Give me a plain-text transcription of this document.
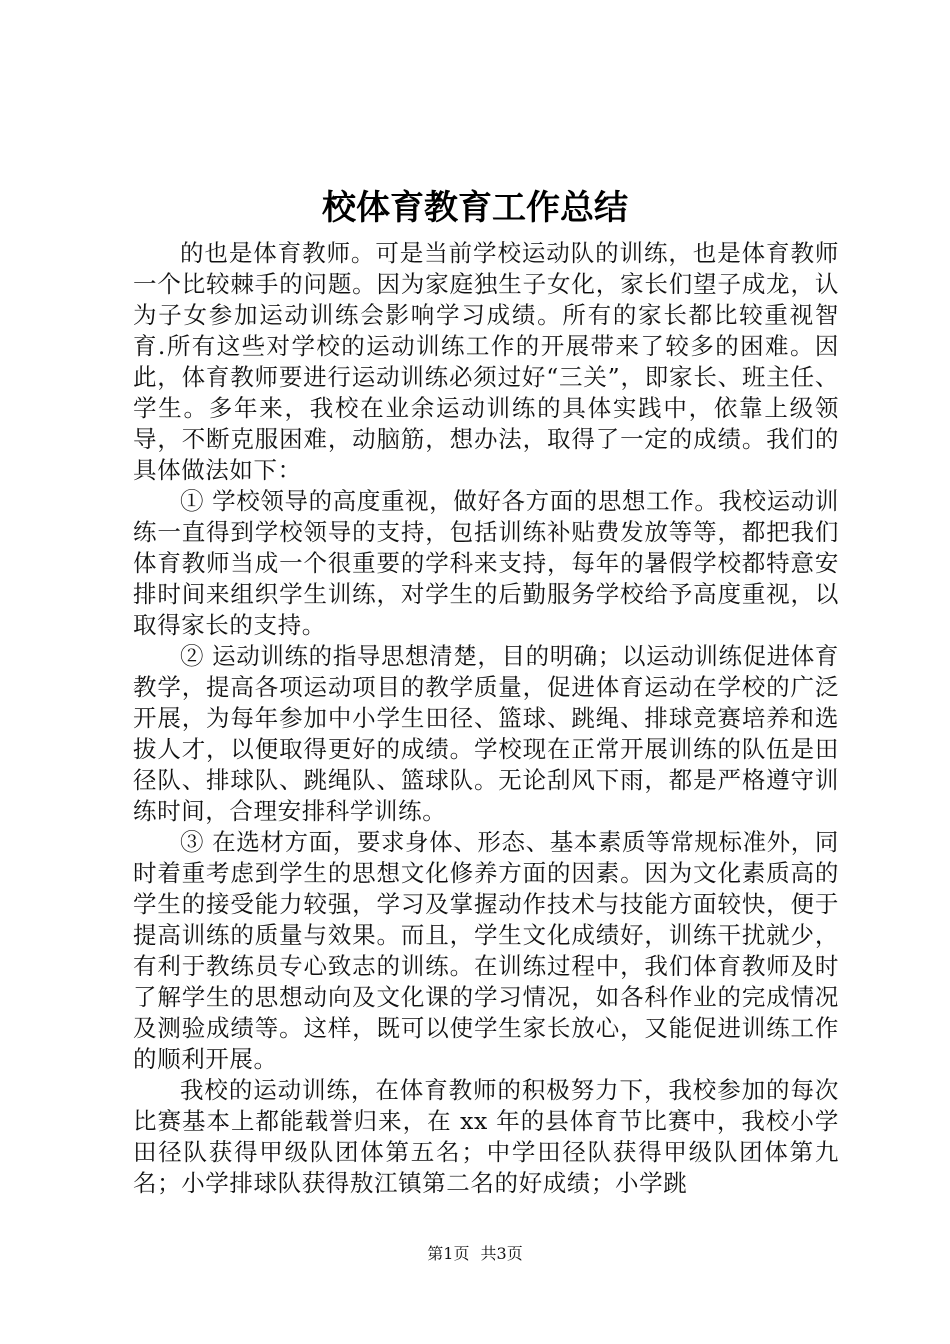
校体育教育工作总结

的也是体育教师。可是当前学校运动队的训练，也是体育教师一个比较棘手的问题。因为家庭独生子女化，家长们望子成龙，认为子女参加运动训练会影响学习成绩。所有的家长都比较重视智育.所有这些对学校的运动训练工作的开展带来了较多的困难。因此，体育教师要进行运动训练必须过好“三关”，即家长、班主任、学生。多年来，我校在业余运动训练的具体实践中，依靠上级领导，不断克服困难，动脑筋，想办法，取得了一定的成绩。我们的具体做法如下：

① 学校领导的高度重视，做好各方面的思想工作。我校运动训练一直得到学校领导的支持，包括训练补贴费发放等等，都把我们体育教师当成一个很重要的学科来支持，每年的暑假学校都特意安排时间来组织学生训练，对学生的后勤服务学校给予高度重视，以取得家长的支持。

② 运动训练的指导思想清楚，目的明确；以运动训练促进体育教学，提高各项运动项目的教学质量，促进体育运动在学校的广泛开展，为每年参加中小学生田径、篮球、跳绳、排球竞赛培养和选拔人才，以便取得更好的成绩。学校现在正常开展训练的队伍是田径队、排球队、跳绳队、篮球队。无论刮风下雨，都是严格遵守训练时间，合理安排科学训练。

③ 在选材方面，要求身体、形态、基本素质等常规标准外，同时着重考虑到学生的思想文化修养方面的因素。因为文化素质高的学生的接受能力较强，学习及掌握动作技术与技能方面较快，便于提高训练的质量与效果。而且，学生文化成绩好，训练干扰就少，有利于教练员专心致志的训练。在训练过程中，我们体育教师及时了解学生的思想动向及文化课的学习情况，如各科作业的完成情况及测验成绩等。这样，既可以使学生家长放心，又能促进训练工作的顺利开展。

我校的运动训练，在体育教师的积极努力下，我校参加的每次比赛基本上都能载誉归来，在 xx 年的县体育节比赛中，我校小学田径队获得甲级队团体第五名；中学田径队获得甲级队团体第九名；小学排球队获得敖江镇第二名的好成绩；小学跳

第1页 共3页
